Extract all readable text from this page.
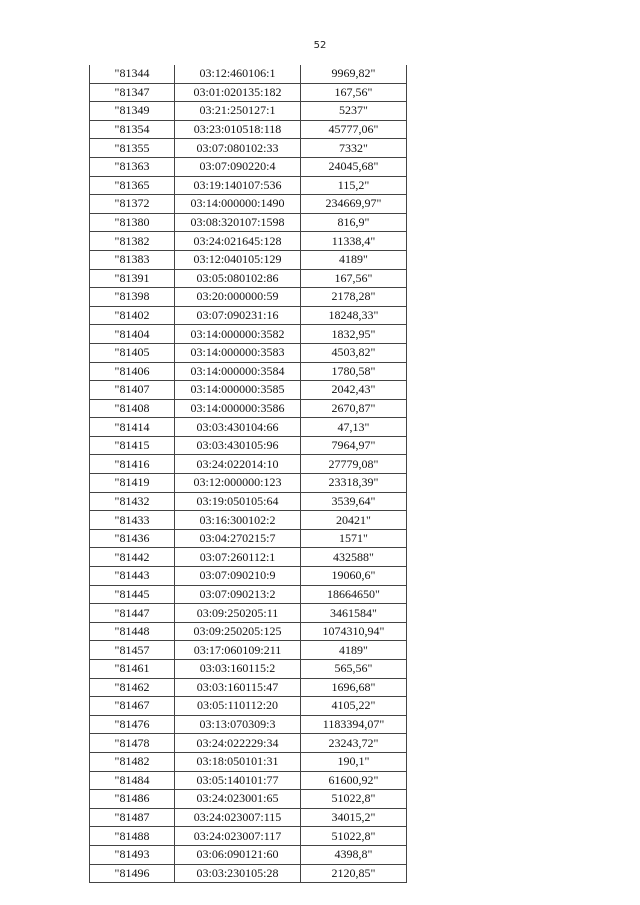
52
"81344	03:12:460106:1	9969,82"
"81347	03:01:020135:182	167,56"
"81349	03:21:250127:1	5237"
"81354	03:23:010518:118	45777,06"
"81355	03:07:080102:33	7332"
"81363	03:07:090220:4	24045,68"
"81365	03:19:140107:536	115,2"
"81372	03:14:000000:1490	234669,97"
"81380	03:08:320107:1598	816,9"
"81382	03:24:021645:128	11338,4"
"81383	03:12:040105:129	4189"
"81391	03:05:080102:86	167,56"
"81398	03:20:000000:59	2178,28"
"81402	03:07:090231:16	18248,33"
"81404	03:14:000000:3582	1832,95"
"81405	03:14:000000:3583	4503,82"
"81406	03:14:000000:3584	1780,58"
"81407	03:14:000000:3585	2042,43"
"81408	03:14:000000:3586	2670,87"
"81414	03:03:430104:66	47,13"
"81415	03:03:430105:96	7964,97"
"81416	03:24:022014:10	27779,08"
"81419	03:12:000000:123	23318,39"
"81432	03:19:050105:64	3539,64"
"81433	03:16:300102:2	20421"
"81436	03:04:270215:7	1571"
"81442	03:07:260112:1	432588"
"81443	03:07:090210:9	19060,6"
"81445	03:07:090213:2	18664650"
"81447	03:09:250205:11	3461584"
"81448	03:09:250205:125	1074310,94"
"81457	03:17:060109:211	4189"
"81461	03:03:160115:2	565,56"
"81462	03:03:160115:47	1696,68"
"81467	03:05:110112:20	4105,22"
"81476	03:13:070309:3	1183394,07"
"81478	03:24:022229:34	23243,72"
"81482	03:18:050101:31	190,1"
"81484	03:05:140101:77	61600,92"
"81486	03:24:023001:65	51022,8"
"81487	03:24:023007:115	34015,2"
"81488	03:24:023007:117	51022,8"
"81493	03:06:090121:60	4398,8"
"81496	03:03:230105:28	2120,85"
